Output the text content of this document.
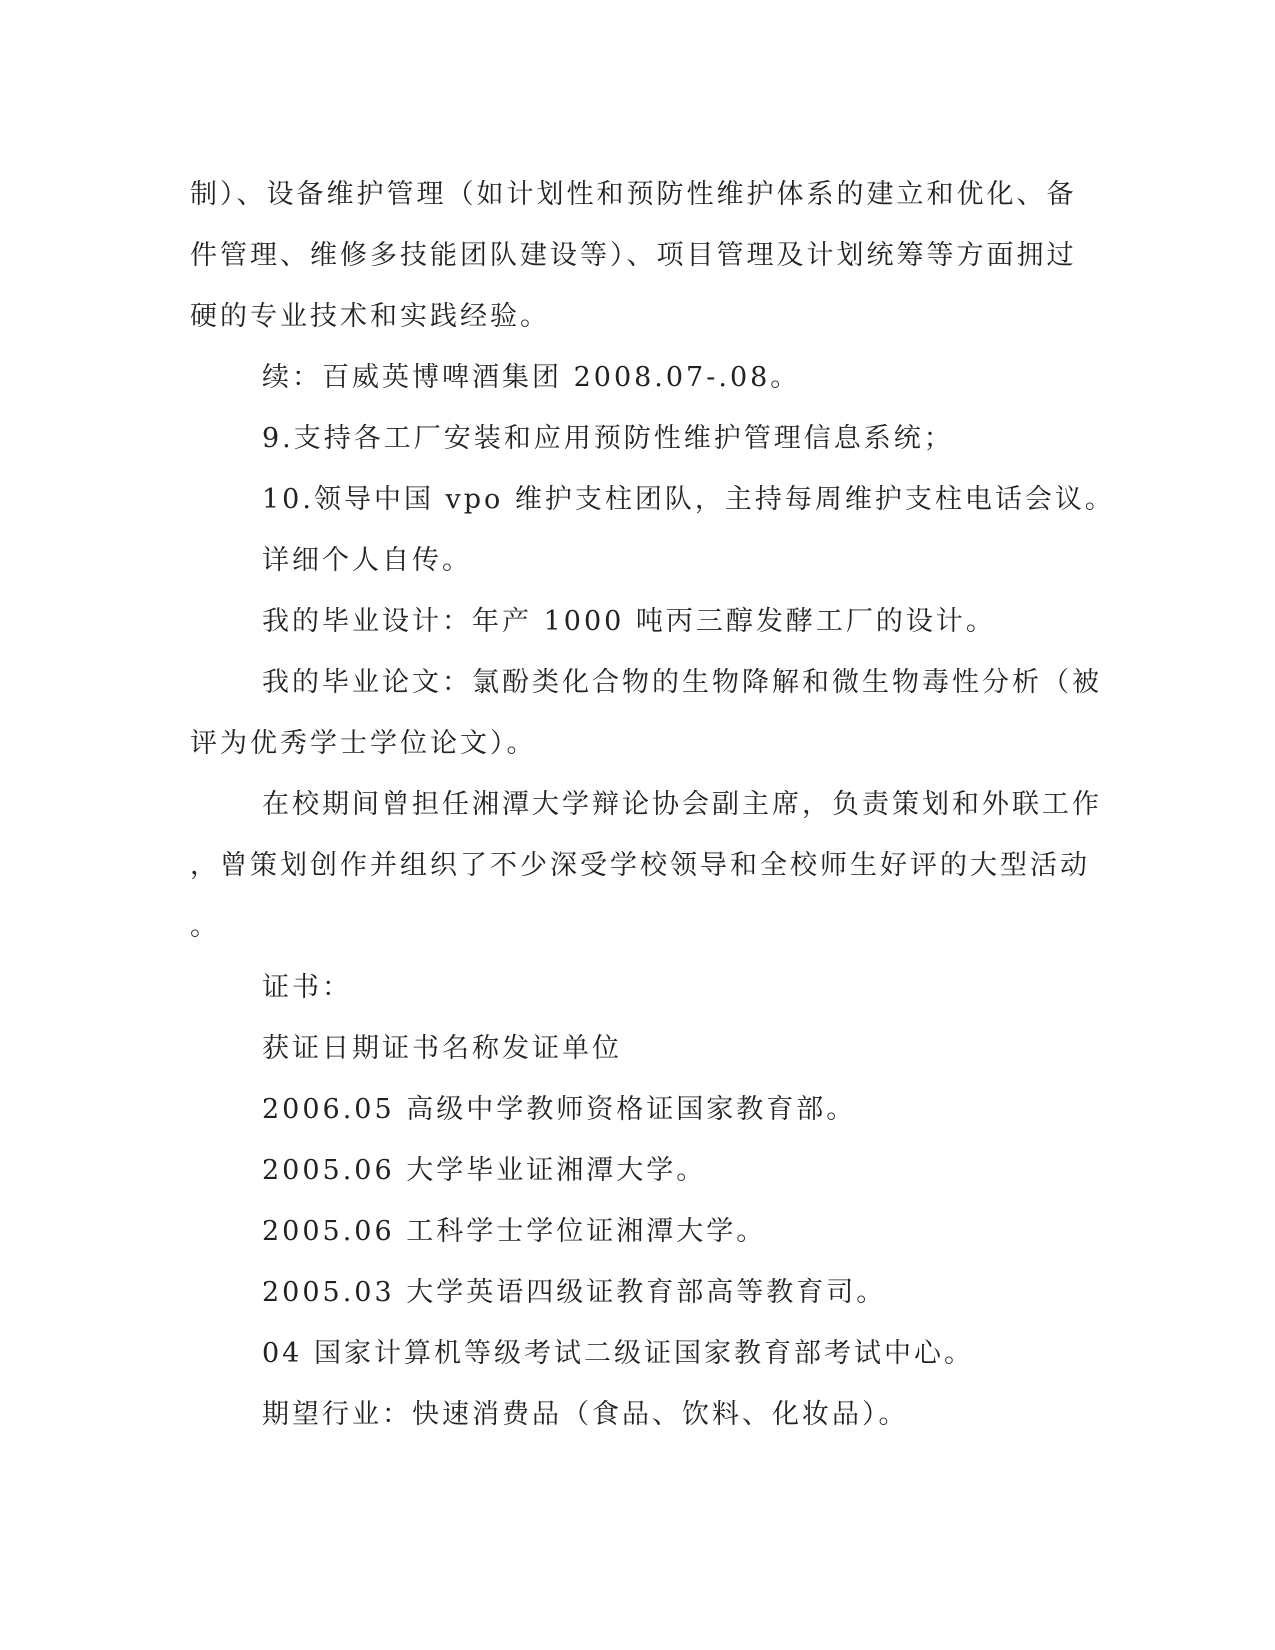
制）、设备维护管理（如计划性和预防性维护体系的建立和优化、备

件管理、维修多技能团队建设等）、项目管理及计划统筹等方面拥过

硬的专业技术和实践经验。

续：百威英博啤酒集团 2008.07-.08。

9.支持各工厂安装和应用预防性维护管理信息系统；

10.领导中国 vpo 维护支柱团队，主持每周维护支柱电话会议。

详细个人自传。

我的毕业设计：年产 1000 吨丙三醇发酵工厂的设计。

我的毕业论文：氯酚类化合物的生物降解和微生物毒性分析（被

评为优秀学士学位论文）。

在校期间曾担任湘潭大学辩论协会副主席，负责策划和外联工作

，曾策划创作并组织了不少深受学校领导和全校师生好评的大型活动

。

证书：

获证日期证书名称发证单位

2006.05 高级中学教师资格证国家教育部。

2005.06 大学毕业证湘潭大学。

2005.06 工科学士学位证湘潭大学。

2005.03 大学英语四级证教育部高等教育司。

04 国家计算机等级考试二级证国家教育部考试中心。

期望行业：快速消费品（食品、饮料、化妆品）。
